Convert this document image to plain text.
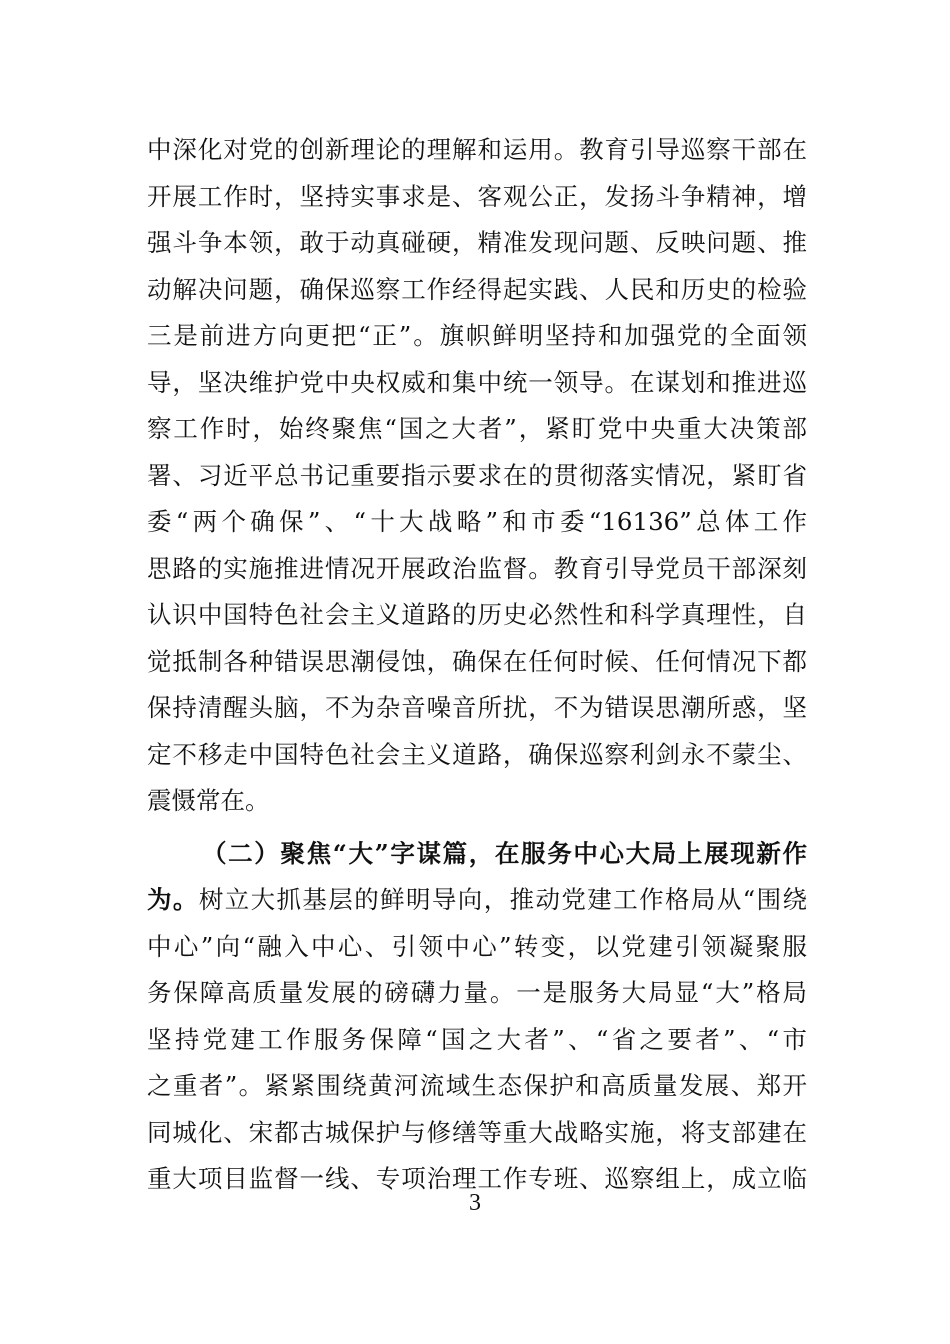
中深化对党的创新理论的理解和运用。教育引导巡察干部在
开展工作时，坚持实事求是、客观公正，发扬斗争精神，增
强斗争本领，敢于动真碰硬，精准发现问题、反映问题、推
动解决问题，确保巡察工作经得起实践、人民和历史的检验
三是前进方向更把“正”。旗帜鲜明坚持和加强党的全面领
导，坚决维护党中央权威和集中统一领导。在谋划和推进巡
察工作时，始终聚焦“国之大者”，紧盯党中央重大决策部
署、习近平总书记重要指示要求在的贯彻落实情况，紧盯省
委“两个确保”、“十大战略”和市委“16136”总体工作
思路的实施推进情况开展政治监督。教育引导党员干部深刻
认识中国特色社会主义道路的历史必然性和科学真理性，自
觉抵制各种错误思潮侵蚀，确保在任何时候、任何情况下都
保持清醒头脑，不为杂音噪音所扰，不为错误思潮所惑，坚
定不移走中国特色社会主义道路，确保巡察利剑永不蒙尘、
震慑常在。
（二）聚焦“大”字谋篇，在服务中心大局上展现新作
为。树立大抓基层的鲜明导向，推动党建工作格局从“围绕
中心”向“融入中心、引领中心”转变，以党建引领凝聚服
务保障高质量发展的磅礴力量。一是服务大局显“大”格局
坚持党建工作服务保障“国之大者”、“省之要者”、“市
之重者”。紧紧围绕黄河流域生态保护和高质量发展、郑开
同城化、宋都古城保护与修缮等重大战略实施，将支部建在
重大项目监督一线、专项治理工作专班、巡察组上，成立临
3
